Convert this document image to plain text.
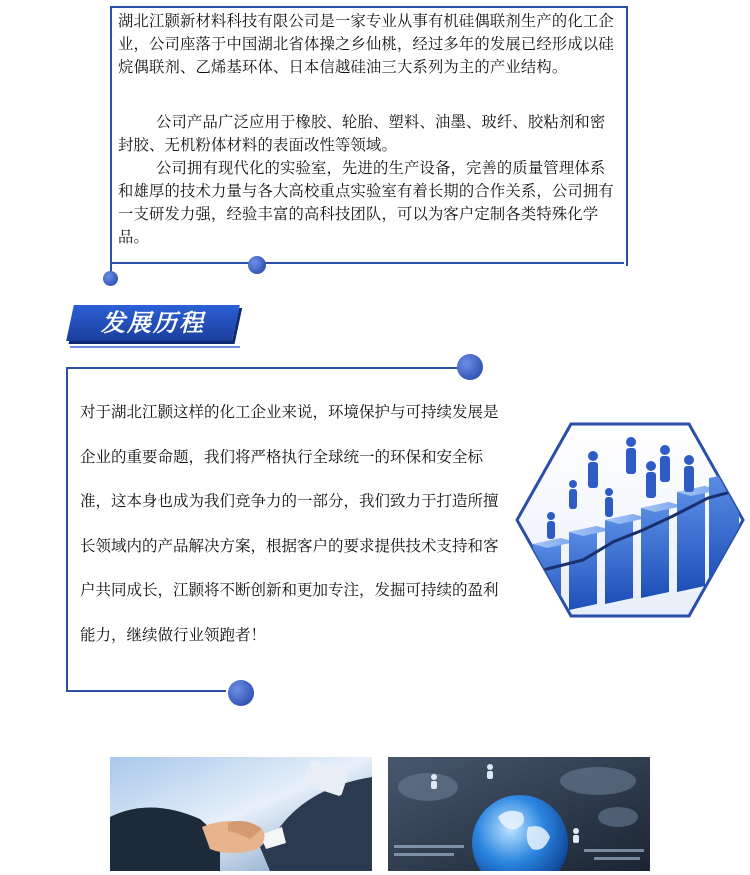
湖北江颢新材料科技有限公司是一家专业从事有机硅偶联剂生产的化工企业，公司座落于中国湖北省体操之乡仙桃，经过多年的发展已经形成以硅烷偶联剂、乙烯基环体、日本信越硅油三大系列为主的产业结构。

公司产品广泛应用于橡胶、轮胎、塑料、油墨、玻纤、胶粘剂和密封胶、无机粉体材料的表面改性等领域。

公司拥有现代化的实验室，先进的生产设备，完善的质量管理体系和雄厚的技术力量与各大高校重点实验室有着长期的合作关系，公司拥有一支研发力强，经验丰富的高科技团队，可以为客户定制各类特殊化学品。

发展历程

对于湖北江颢这样的化工企业来说，环境保护与可持续发展是企业的重要命题，我们将严格执行全球统一的环保和安全标准，这本身也成为我们竞争力的一部分，我们致力于打造所擅长领域内的产品解决方案，根据客户的要求提供技术支持和客户共同成长，江颢将不断创新和更加专注，发掘可持续的盈利能力，继续做行业领跑者！
